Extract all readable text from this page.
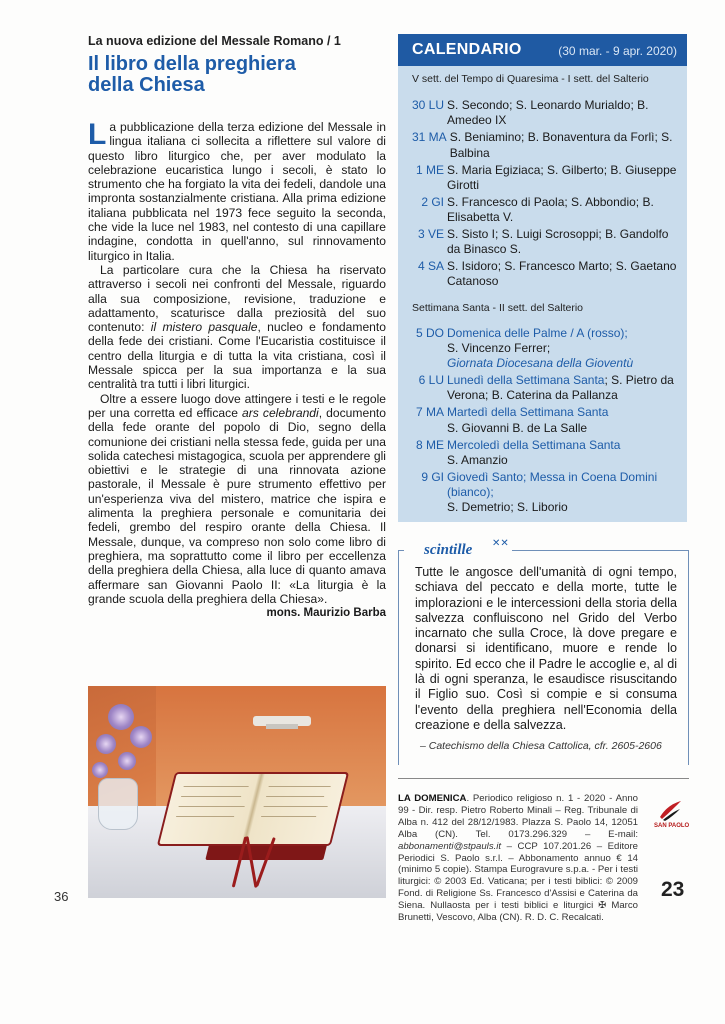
La nuova edizione del Messale Romano / 1

Il libro della preghiera
della Chiesa

La pubblicazione della terza edizione del Messale in lingua italiana ci sollecita a riflettere sul valore di questo libro liturgico che, per aver modulato la celebrazione eucaristica lungo i secoli, è stato lo strumento che ha forgiato la vita dei fedeli, dandole una impronta sostanzialmente cristiana. Alla prima edizione italiana pubblicata nel 1973 fece seguito la seconda, che vide la luce nel 1983, nel contesto di una capillare indagine, condotta in quell'anno, sul rinnovamento liturgico in Italia.

La particolare cura che la Chiesa ha riservato attraverso i secoli nei confronti del Messale, riguardo alla sua composizione, revisione, traduzione e adattamento, scaturisce dalla preziosità del suo contenuto: il mistero pasquale, nucleo e fondamento della fede dei cristiani. Come l'Eucaristia costituisce il centro della liturgia e di tutta la vita cristiana, così il Messale spicca per la sua importanza e la sua centralità tra tutti i libri liturgici.

Oltre a essere luogo dove attingere i testi e le regole per una corretta ed efficace ars celebrandi, documento della fede orante del popolo di Dio, segno della comunione dei cristiani nella stessa fede, guida per una solida catechesi mistagogica, scuola per apprendere gli obiettivi e le strategie di una rinnovata azione pastorale, il Messale è pure strumento effettivo per un'esperienza viva del mistero, matrice che ispira e alimenta la preghiera personale e comunitaria dei fedeli, grembo del respiro orante della Chiesa. Il Messale, dunque, va compreso non solo come libro di preghiera, ma soprattutto come il libro per eccellenza della preghiera della Chiesa, alla luce di quanto amava affermare san Giovanni Paolo II: «La liturgia è la grande scuola della preghiera della Chiesa».

mons. Maurizio Barba
36	23
CALENDARIO	(30 mar. - 9 apr. 2020)
V sett. del Tempo di Quaresima - I sett. del Salterio
30 LU S. Secondo; S. Leonardo Murialdo; B. Amedeo IX
31 MA S. Beniamino; B. Bonaventura da Forlì; S. Balbina
1 ME S. Maria Egiziaca; S. Gilberto; B. Giuseppe Girotti
2 GI S. Francesco di Paola; S. Abbondio; B. Elisabetta V.
3 VE S. Sisto I; S. Luigi Scrosoppi; B. Gandolfo da Binasco S.
4 SA S. Isidoro; S. Francesco Marto; S. Gaetano Catanoso
Settimana Santa - II sett. del Salterio
5 DO Domenica delle Palme / A (rosso);
S. Vincenzo Ferrer;
Giornata Diocesana della Gioventù
6 LU Lunedì della Settimana Santa; S. Pietro da Verona; B. Caterina da Pallanza
7 MA Martedì della Settimana Santa
S. Giovanni B. de La Salle
8 ME Mercoledì della Settimana Santa
S. Amanzio
9 GI Giovedì Santo; Messa in Coena Domini (bianco);
S. Demetrio; S. Liborio
scintille ✕✕
Tutte le angosce dell'umanità di ogni tempo, schiava del peccato e della morte, tutte le implorazioni e le intercessioni della storia della salvezza confluiscono nel Grido del Verbo incarnato che sulla Croce, là dove pregare e donarsi si identificano, muore e rende lo spirito. Ed ecco che il Padre le accoglie e, al di là di ogni speranza, le esaudisce risuscitando il Figlio suo. Così si compie e si consuma l'evento della preghiera nell'Economia della creazione e della salvezza.
– Catechismo della Chiesa Cattolica, cfr. 2605-2606
LA DOMENICA. Periodico religioso n. 1 - 2020 - Anno 99 - Dir. resp. Pietro Roberto Minali – Reg. Tribunale di Alba n. 412 del 28/12/1983. Plazza S. Paolo 14, 12051 Alba (CN). Tel. 0173.296.329 – E-mail: abbonamenti@stpauls.it – CCP 107.201.26 – Editore Periodici S. Paolo s.r.l. – Abbonamento annuo € 14 (minimo 5 copie). Stampa Eurogravure s.p.a. - Per i testi liturgici: © 2003 Ed. Vaticana; per i testi biblici: © 2009 Fond. di Religione Ss. Francesco d'Assisi e Caterina da Siena. Nullaosta per i testi biblici e liturgici ✠ Marco Brunetti, Vescovo, Alba (CN). R. D. C. Recalcati.
SAN PAOLO
